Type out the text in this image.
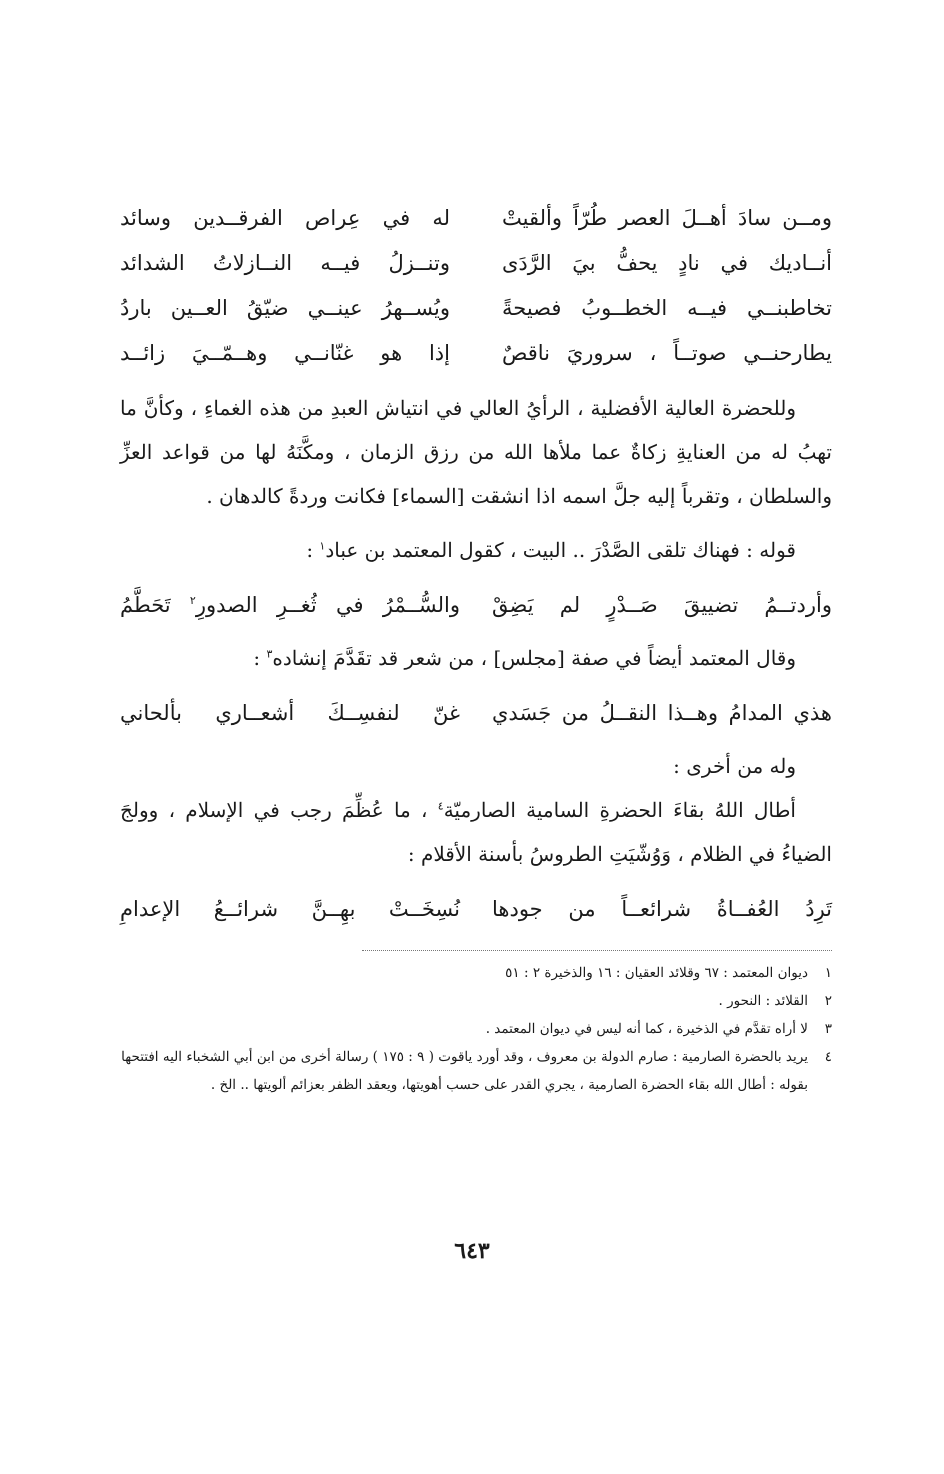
ومــن سادَ أهــلَ العصر طُرّاً وألقيتْ
له في عِراص الفرقــدين وسائد
أنــاديك في نادٍ يحفُّ بيَ الرَّدَى
وتنــزلُ فيــه النــازلاتُ الشدائد
تخاطبنــي فيــه الخطــوبُ فصيحةً
ويُســهرُ عينــي ضيّقُ العــين باردُ
يطارحنــي صوتــاً ، سروريَ ناقصٌ
إذا هو غنّانــي وهــمّــيَ زائــد

وللحضرة العالية الأفضلية ، الرأيُ العالي في انتياش العبدِ من هذه الغماءِ ، وكأنَّ ما تهبُ له من العنايةِ زكاةٌ عما ملأها الله من رزق الزمان ، ومكَّنَهُ لها من قواعد العزِّ والسلطان ، وتقرباً إليه جلَّ اسمه اذا انشقت [السماء] فكانت وردةً كالدهان .

قوله : فهناك تلقى الصَّدْرَ .. البيت ، كقول المعتمد بن عباد$^١$ :

وأردتــمُ تضييقَ صَــدْرٍ لم يَضِقْ
والسُّــمْرُ في ثُغــرِ الصدورِ$^٢$ تَحَطَّمُ

وقال المعتمد أيضاً في صفة [مجلس] ، من شعر قد تقَدَّمَ إنشاده$^٣$ :

هذي المدامُ وهــذا النقــلُ من جَسَدي
غنّ لنفسِــكَ أشعــاري بألحاني

وله من أخرى :

أطال اللهُ بقاءَ الحضرةِ السامية الصارميّة$^٤$ ، ما عُظِّمَ رجب في الإسلام ، وولجَ الضياءُ في الظلام ، وَوُشّيَتِ الطروسُ بأسنة الأقلام :

تَرِدُ العُفــاةُ شرائعــاً من جودها
نُسِخَــتْ بهِــنَّ شرائــعُ الإعدامِ
١
ديوان المعتمد : ٦٧ وقلائد العقيان : ١٦ والذخيرة ٢ : ٥١
٢
القلائد : النحور .
٣
لا أراه تقدَّم في الذخيرة ، كما أنه ليس في ديوان المعتمد .
٤
يريد بالحضرة الصارمية : صارم الدولة بن معروف ، وقد أورد ياقوت ( ٩ : ١٧٥ ) رسالة أخرى من ابن أبي الشخباء اليه افتتحها بقوله : أطال الله بقاء الحضرة الصارمية ، يجري القدر على حسب أهويتها، ويعقد الظفر بعزائم ألويتها .. الخ .
٦٤٣
